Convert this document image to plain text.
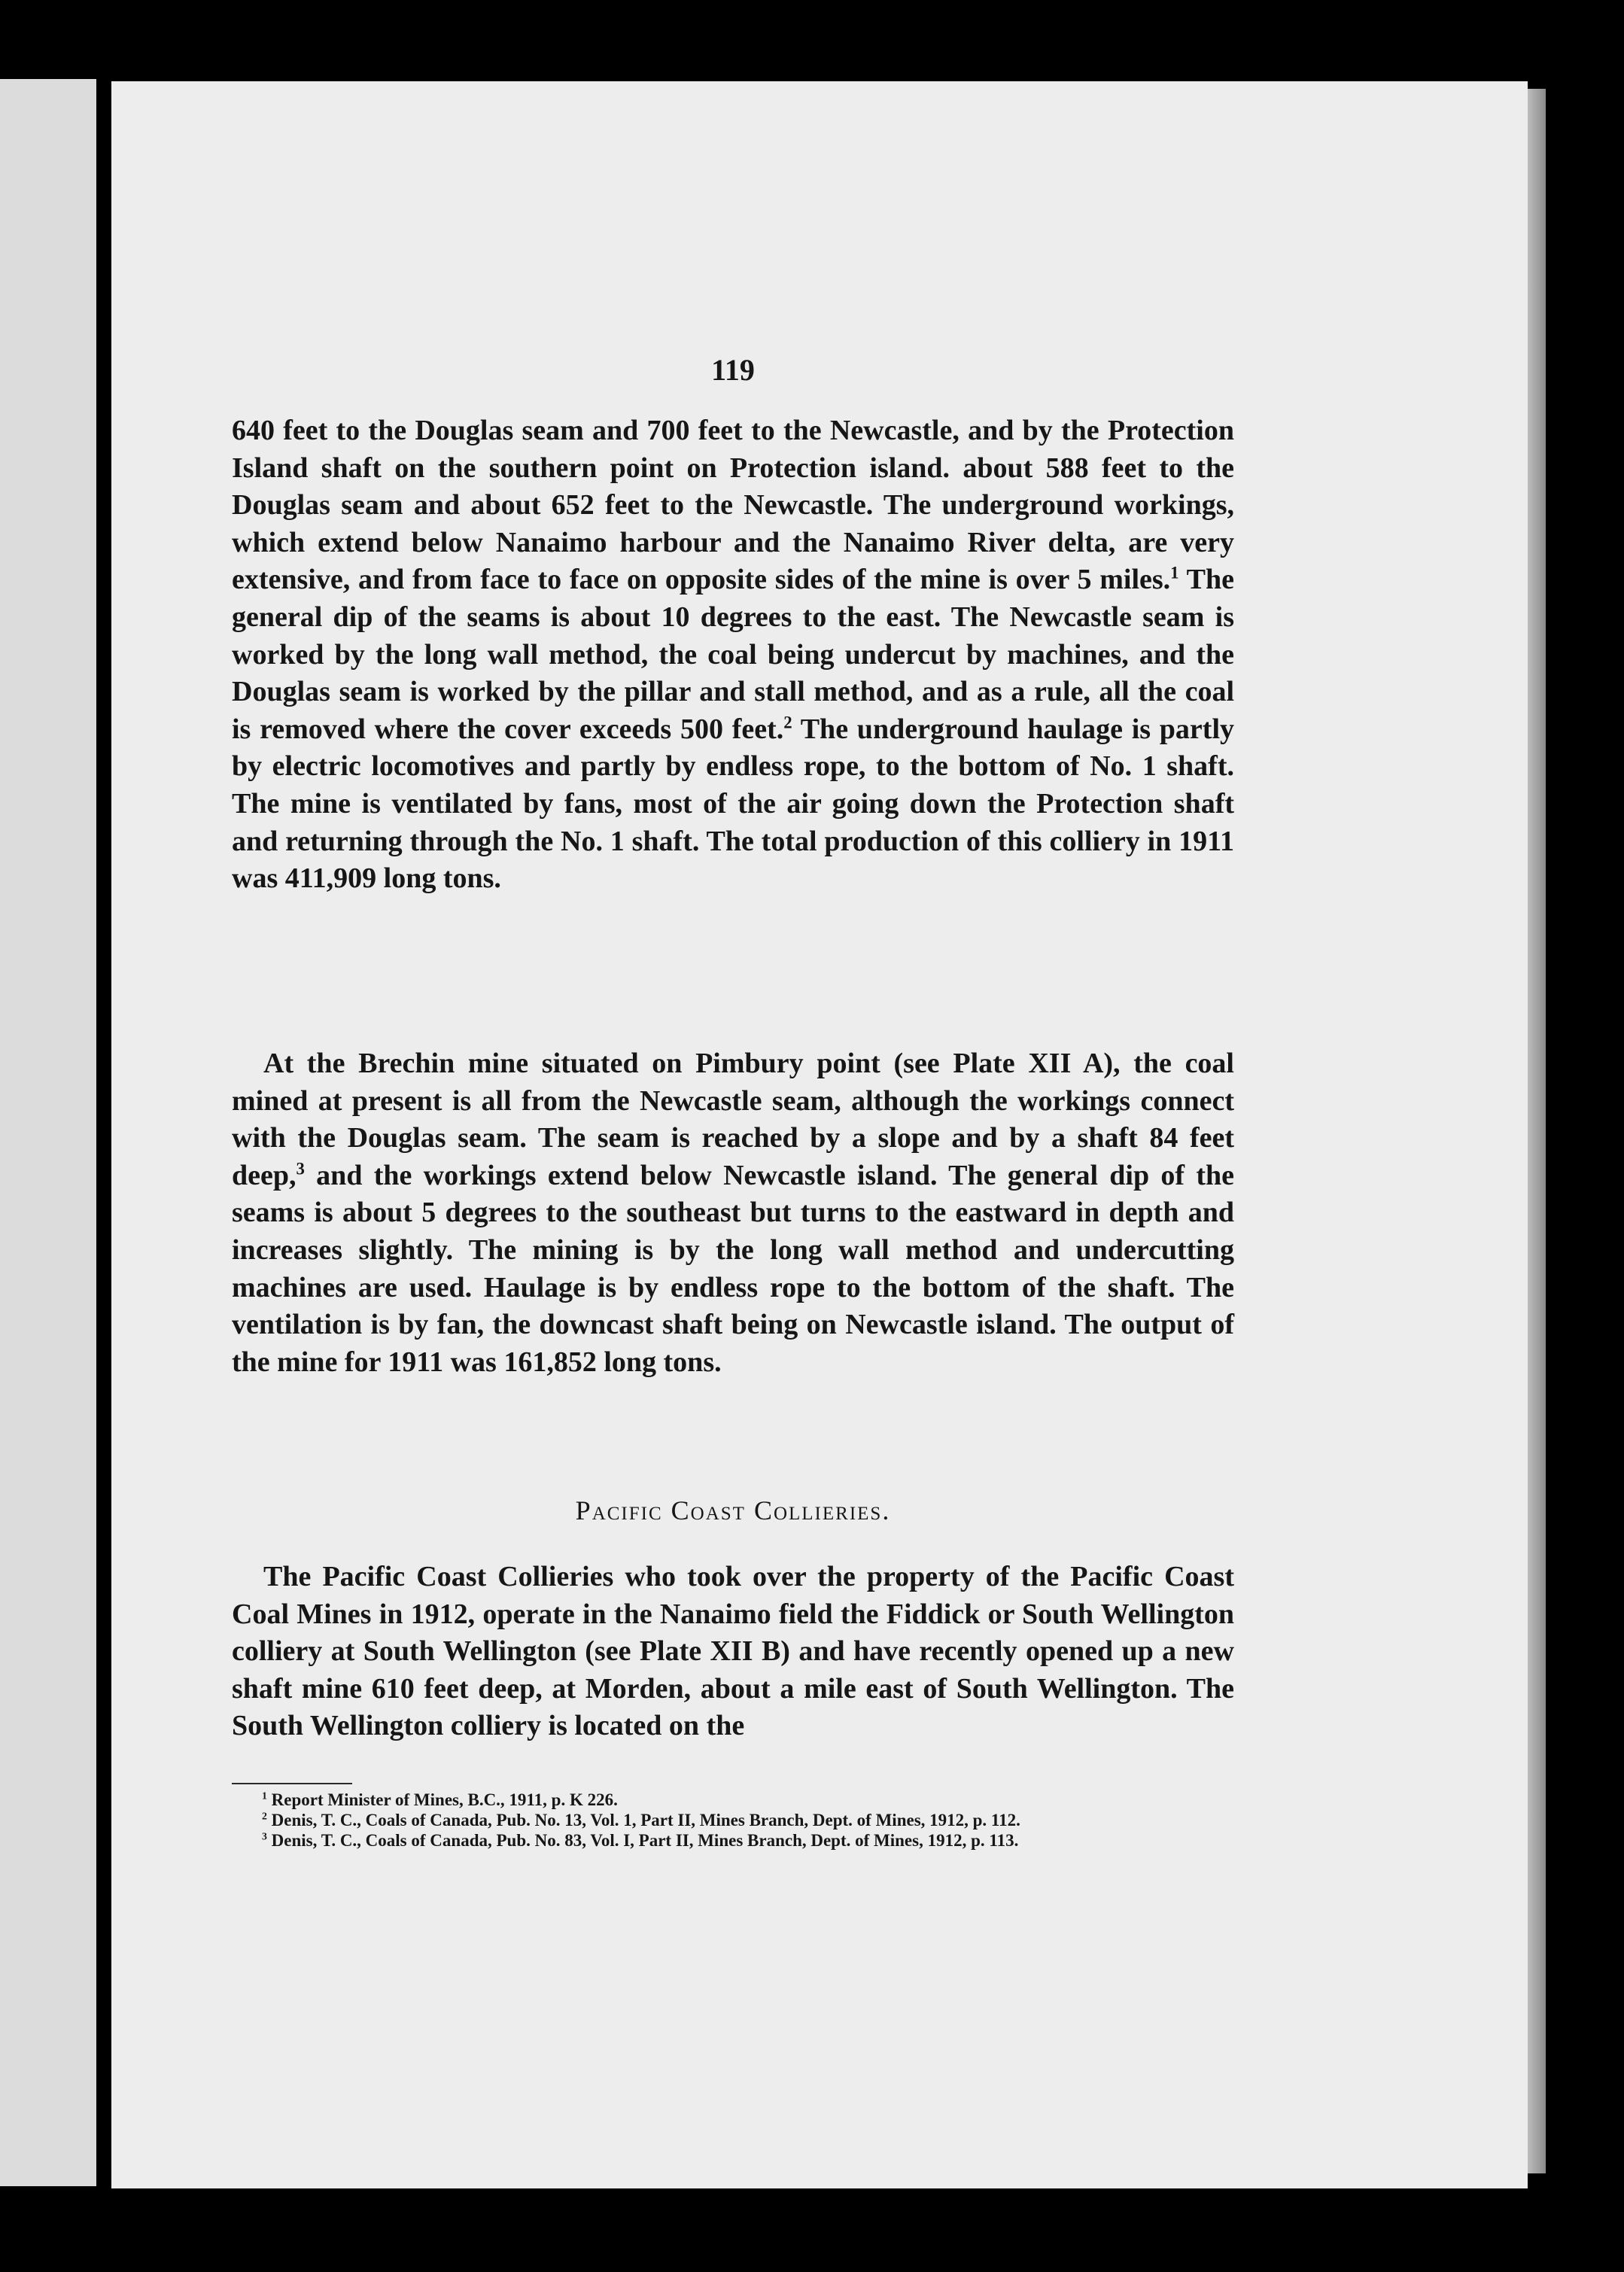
119

640 feet to the Douglas seam and 700 feet to the Newcastle, and by the Protection Island shaft on the southern point on Protection island. about 588 feet to the Douglas seam and about 652 feet to the Newcastle. The underground workings, which extend below Nanaimo harbour and the Nanaimo River delta, are very extensive, and from face to face on opposite sides of the mine is over 5 miles.$^1$ The general dip of the seams is about 10 degrees to the east. The Newcastle seam is worked by the long wall method, the coal being undercut by machines, and the Douglas seam is worked by the pillar and stall method, and as a rule, all the coal is removed where the cover exceeds 500 feet.$^2$ The underground haulage is partly by electric locomotives and partly by endless rope, to the bottom of No. 1 shaft. The mine is ventilated by fans, most of the air going down the Protection shaft and returning through the No. 1 shaft. The total production of this colliery in 1911 was 411,909 long tons.

At the Brechin mine situated on Pimbury point (see Plate XII A), the coal mined at present is all from the Newcastle seam, although the workings connect with the Douglas seam. The seam is reached by a slope and by a shaft 84 feet deep,$^3$ and the workings extend below Newcastle island. The general dip of the seams is about 5 degrees to the southeast but turns to the eastward in depth and increases slightly. The mining is by the long wall method and undercutting machines are used. Haulage is by endless rope to the bottom of the shaft. The ventilation is by fan, the downcast shaft being on Newcastle island. The output of the mine for 1911 was 161,852 long tons.

Pacific Coast Collieries.

The Pacific Coast Collieries who took over the property of the Pacific Coast Coal Mines in 1912, operate in the Nanaimo field the Fiddick or South Wellington colliery at South Wellington (see Plate XII B) and have recently opened up a new shaft mine 610 feet deep, at Morden, about a mile east of South Wellington. The South Wellington colliery is located on the

$^1$ Report Minister of Mines, B.C., 1911, p. K 226.

$^2$ Denis, T. C., Coals of Canada, Pub. No. 13, Vol. 1, Part II, Mines Branch, Dept. of Mines, 1912, p. 112.

$^3$ Denis, T. C., Coals of Canada, Pub. No. 83, Vol. I, Part II, Mines Branch, Dept. of Mines, 1912, p. 113.
